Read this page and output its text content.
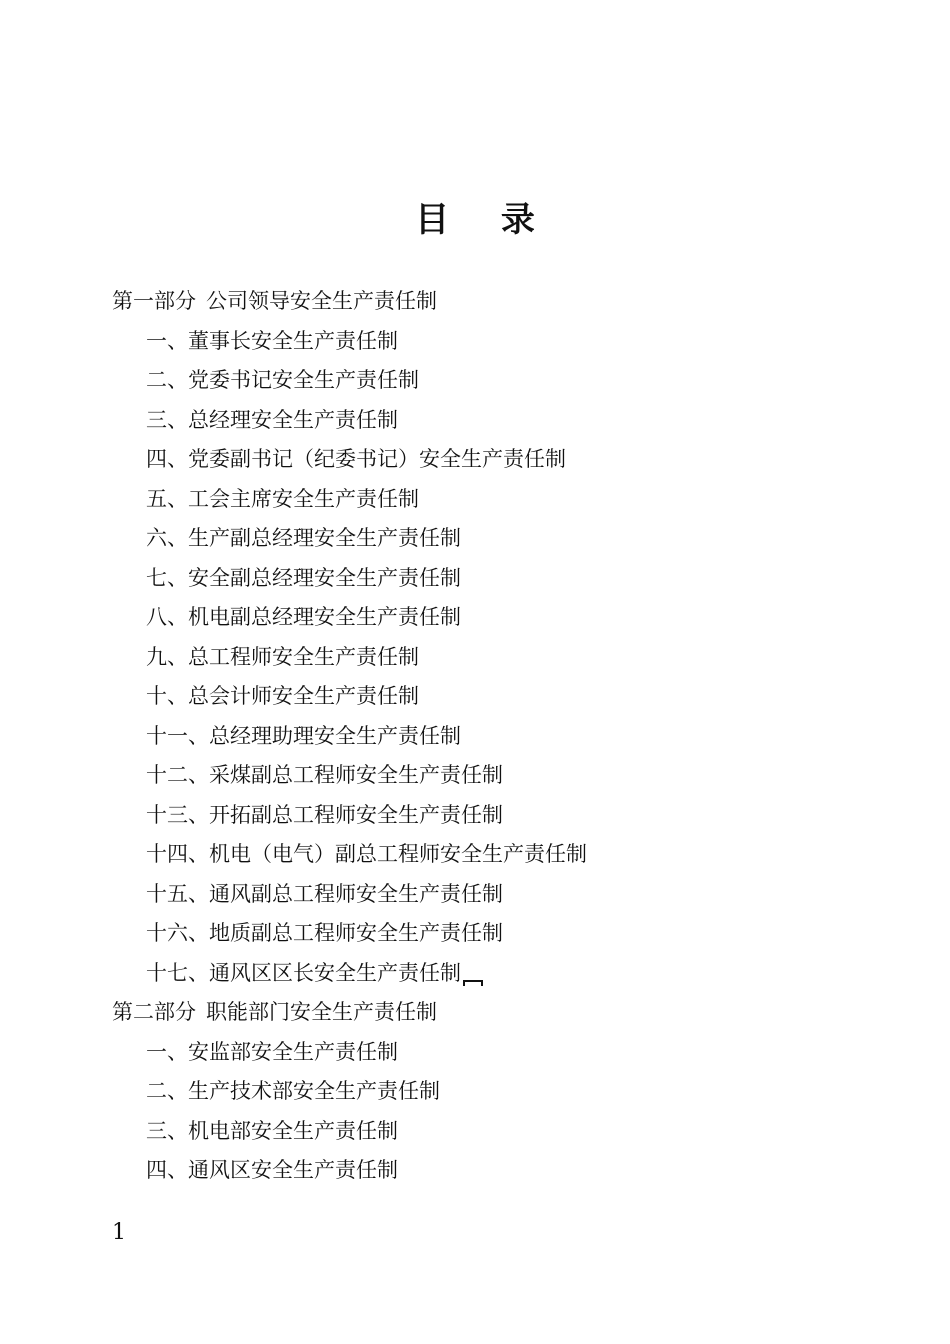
目 录
第一部分 公司领导安全生产责任制
一、董事长安全生产责任制
二、党委书记安全生产责任制
三、总经理安全生产责任制
四、党委副书记（纪委书记）安全生产责任制
五、工会主席安全生产责任制
六、生产副总经理安全生产责任制
七、安全副总经理安全生产责任制
八、机电副总经理安全生产责任制
九、总工程师安全生产责任制
十、总会计师安全生产责任制
十一、总经理助理安全生产责任制
十二、采煤副总工程师安全生产责任制
十三、开拓副总工程师安全生产责任制
十四、机电（电气）副总工程师安全生产责任制
十五、通风副总工程师安全生产责任制
十六、地质副总工程师安全生产责任制
十七、通风区区长安全生产责任制
第二部分 职能部门安全生产责任制
一、安监部安全生产责任制
二、生产技术部安全生产责任制
三、机电部安全生产责任制
四、通风区安全生产责任制
1
